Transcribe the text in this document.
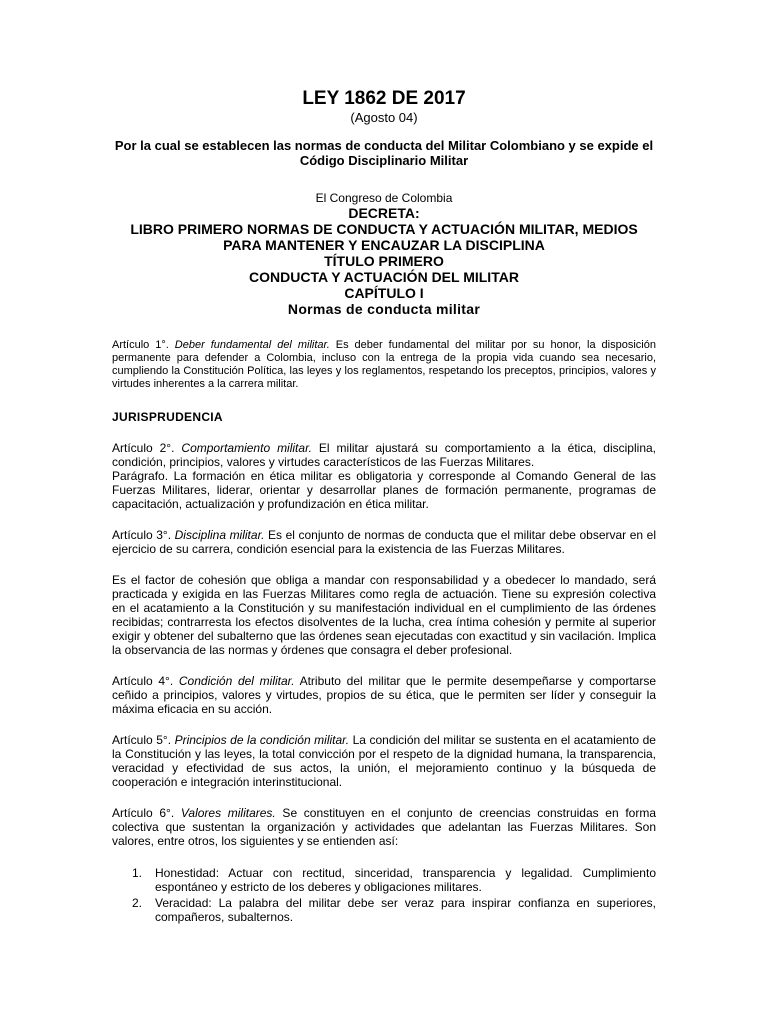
LEY 1862 DE 2017

(Agosto 04)

Por la cual se establecen las normas de conducta del Militar Colombiano y se expide el Código Disciplinario Militar

El Congreso de Colombia

DECRETA:

LIBRO PRIMERO NORMAS DE CONDUCTA Y ACTUACIÓN MILITAR, MEDIOS PARA MANTENER Y ENCAUZAR LA DISCIPLINA

TÍTULO PRIMERO

CONDUCTA Y ACTUACIÓN DEL MILITAR

CAPÍTULO I

Normas de conducta militar

Artículo 1°. Deber fundamental del militar. Es deber fundamental del militar por su honor, la disposición permanente para defender a Colombia, incluso con la entrega de la propia vida cuando sea necesario, cumpliendo la Constitución Política, las leyes y los reglamentos, respetando los preceptos, principios, valores y virtudes inherentes a la carrera militar.

JURISPRUDENCIA

Artículo 2°. Comportamiento militar. El militar ajustará su comportamiento a la ética, disciplina, condición, principios, valores y virtudes característicos de las Fuerzas Militares.

Parágrafo. La formación en ética militar es obligatoria y corresponde al Comando General de las Fuerzas Militares, liderar, orientar y desarrollar planes de formación permanente, programas de capacitación, actualización y profundización en ética militar.

Artículo 3°. Disciplina militar. Es el conjunto de normas de conducta que el militar debe observar en el ejercicio de su carrera, condición esencial para la existencia de las Fuerzas Militares.

Es el factor de cohesión que obliga a mandar con responsabilidad y a obedecer lo mandado, será practicada y exigida en las Fuerzas Militares como regla de actuación. Tiene su expresión colectiva en el acatamiento a la Constitución y su manifestación individual en el cumplimiento de las órdenes recibidas; contrarresta los efectos disolventes de la lucha, crea íntima cohesión y permite al superior exigir y obtener del subalterno que las órdenes sean ejecutadas con exactitud y sin vacilación. Implica la observancia de las normas y órdenes que consagra el deber profesional.

Artículo 4°. Condición del militar. Atributo del militar que le permite desempeñarse y comportarse ceñido a principios, valores y virtudes, propios de su ética, que le permiten ser líder y conseguir la máxima eficacia en su acción.

Artículo 5°. Principios de la condición militar. La condición del militar se sustenta en el acatamiento de la Constitución y las leyes, la total convicción por el respeto de la dignidad humana, la transparencia, veracidad y efectividad de sus actos, la unión, el mejoramiento continuo y la búsqueda de cooperación e integración interinstitucional.

Artículo 6°. Valores militares. Se constituyen en el conjunto de creencias construidas en forma colectiva que sustentan la organización y actividades que adelantan las Fuerzas Militares. Son valores, entre otros, los siguientes y se entienden así:

1. Honestidad: Actuar con rectitud, sinceridad, transparencia y legalidad. Cumplimiento espontáneo y estricto de los deberes y obligaciones militares.
2. Veracidad: La palabra del militar debe ser veraz para inspirar confianza en superiores, compañeros, subalternos.
